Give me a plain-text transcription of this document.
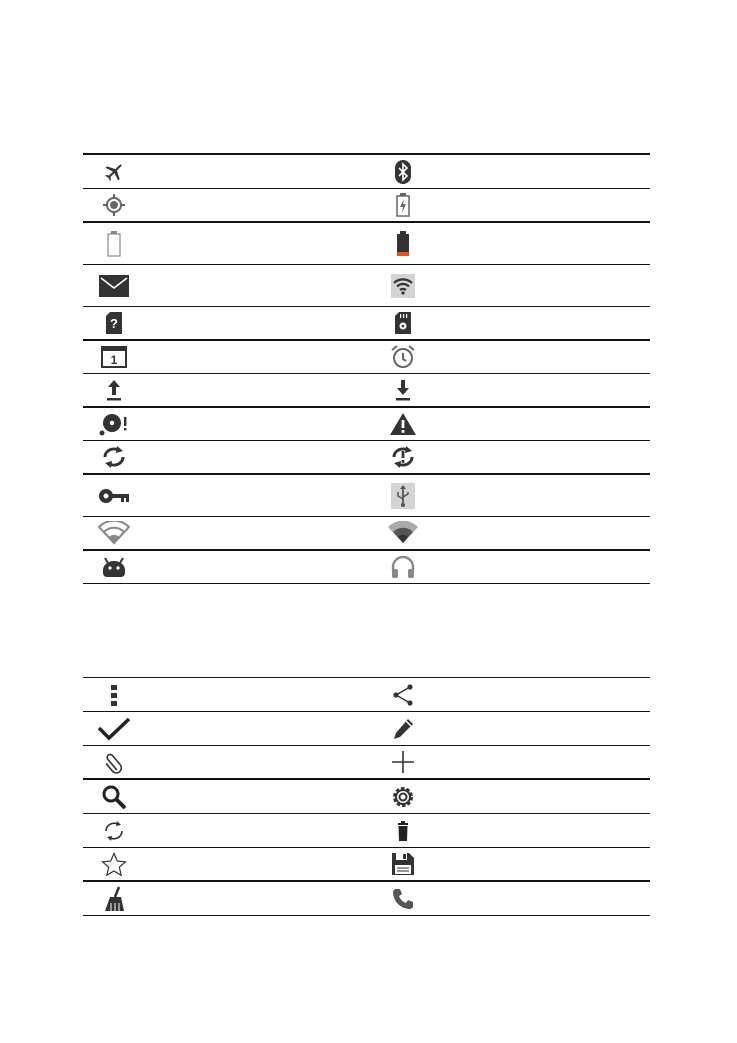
?
1
